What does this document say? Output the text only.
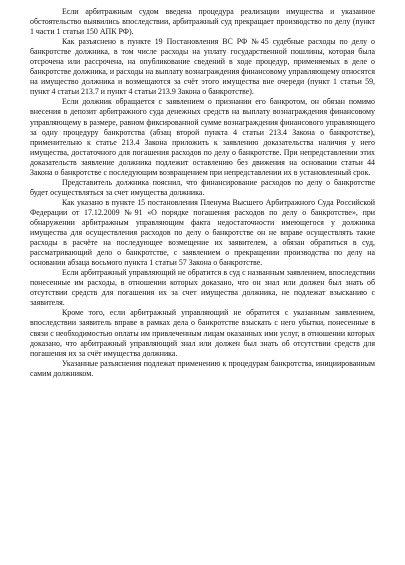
Если арбитражным судом введена процедура реализации имущества и указанное обстоятельство выявились впоследствии, арбитражный суд прекращает производство по делу (пункт 1 части 1 статьи 150 АПК РФ).

Как разъяснено в пункте 19 Постановления ВС РФ №45 судебные расходы по делу о банкротстве должника, в том числе расходы на уплату государственной пошлины, которая была отсрочена или рассрочена, на опубликование сведений в ходе процедур, применяемых в деле о банкротстве должника, и расходы на выплату вознаграждения финансовому управляющему относятся на имущество должника и возмещаются за счёт этого имущества вне очереди (пункт 1 статьи 59, пункт 4 статьи 213.7 и пункт 4 статьи 213.9 Закона о банкротстве).

Если должник обращается с заявлением о признании его банкротом, он обязан помимо внесения в депозит арбитражного суда денежных средств на выплату вознаграждения финансовому управляющему в размере, равном фиксированной сумме вознаграждения финансового управляющего за одну процедуру банкротства (абзац второй пункта 4 статьи 213.4 Закона о банкротстве), применительно к статье 213.4 Закона приложить к заявлению доказательства наличия у него имущества, достаточного для погашения расходов по делу о банкротстве. При непредставлении этих доказательств заявление должника подлежит оставлению без движения на основании статьи 44 Закона о банкротстве с последующим возвращением при непредставлении их в установленный срок.

Представитель должника пояснил, что финансирование расходов по делу о банкротстве будет осуществляться за счет имущества должника.

Как указано в пункте 15 постановления Пленума Высшего Арбитражного Суда Российской Федерации от 17.12.2009 №91 «О порядке погашения расходов по делу о банкротстве», при обнаружении арбитражным управляющим факта недостаточности имеющегося у должника имущества для осуществления расходов по делу о банкротстве он не вправе осуществлять такие расходы в расчёте на последующее возмещение их заявителем, а обязан обратиться в суд, рассматривающий дело о банкротстве, с заявлением о прекращении производства по делу на основании абзаца восьмого пункта 1 статьи 57 Закона о банкротстве.

Если арбитражный управляющий не обратится в суд с названным заявлением, впоследствии понесенные им расходы, в отношении которых доказано, что он знал или должен был знать об отсутствии средств для погашения их за счет имущества должника, не подлежат взысканию с заявителя.

Кроме того, если арбитражный управляющий не обратится с указанным заявлением, впоследствии заявитель вправе в рамках дела о банкротстве взыскать с него убытки, понесенные в связи с необходимостью оплаты им привлеченным лицам оказанных ими услуг, в отношении которых доказано, что арбитражный управляющий знал или должен был знать об отсутствии средств для погашения их за счёт имущества должника.

Указанные разъяснения подлежат применению к процедурам банкротства, инициированным самим должником.
